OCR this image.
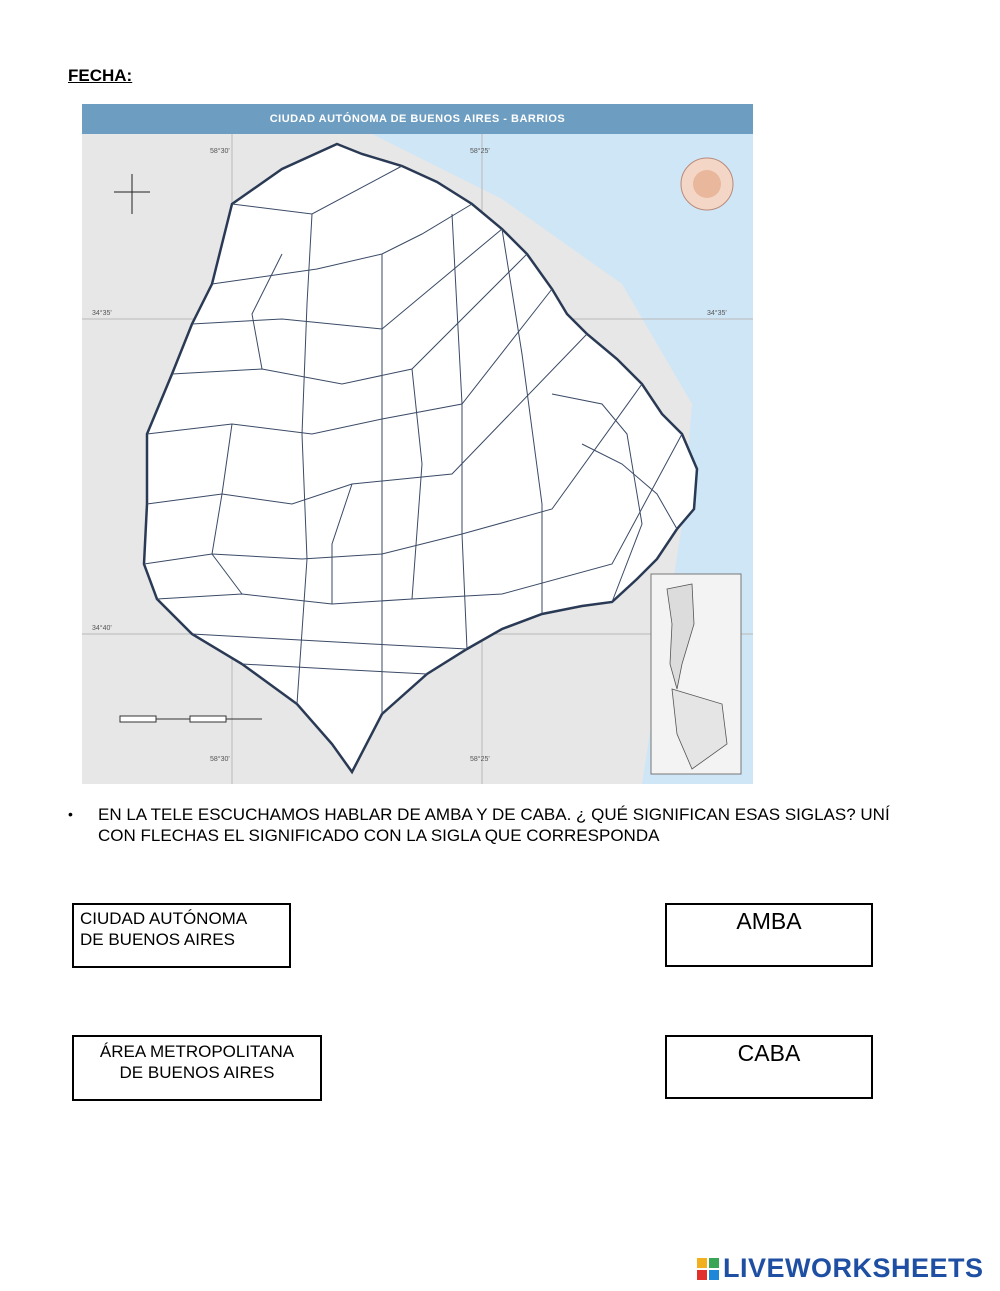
FECHA:
CIUDAD AUTÓNOMA DE BUENOS AIRES - BARRIOS
58°30'	58°25'
34°35'	34°35'
34°40'
58°30'	58°25'
•	EN LA TELE ESCUCHAMOS HABLAR DE AMBA Y DE CABA. ¿ QUÉ SIGNIFICAN ESAS SIGLAS? UNÍ CON FLECHAS EL SIGNIFICADO CON LA SIGLA QUE CORRESPONDA
CIUDAD AUTÓNOMA
DE BUENOS AIRES
ÁREA METROPOLITANA
DE BUENOS AIRES
AMBA
CABA
LIVEWORKSHEETS
